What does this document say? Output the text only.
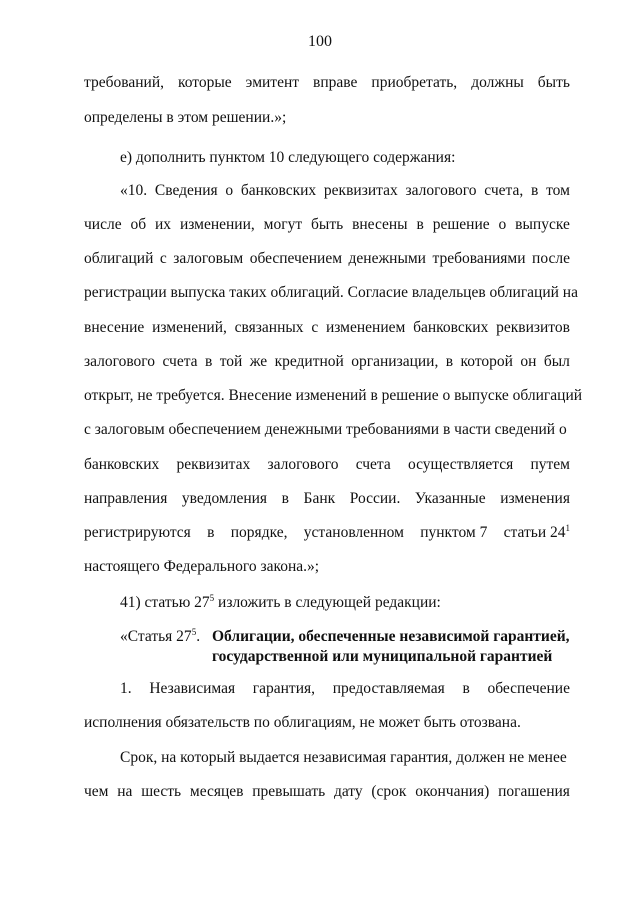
100
требований, которые эмитент вправе приобретать, должны быть
определены в этом решении.»;
е) дополнить пунктом 10 следующего содержания:
«10. Сведения о банковских реквизитах залогового счета, в том
числе об их изменении, могут быть внесены в решение о выпуске
облигаций с залоговым обеспечением денежными требованиями после
регистрации выпуска таких облигаций. Согласие владельцев облигаций на
внесение изменений, связанных с изменением банковских реквизитов
залогового счета в той же кредитной организации, в которой он был
открыт, не требуется. Внесение изменений в решение о выпуске облигаций
с залоговым обеспечением денежными требованиями в части сведений о
банковских реквизитах залогового счета осуществляется путем
направления уведомления в Банк России. Указанные изменения
регистрируются в порядке, установленном пунктом 7 статьи $24^1$
настоящего Федерального закона.»;
41) статью $27^5$ изложить в следующей редакции:
1. Независимая гарантия, предоставляемая в обеспечение
исполнения обязательств по облигациям, не может быть отозвана.
Срок, на который выдается независимая гарантия, должен не менее
чем на шесть месяцев превышать дату (срок окончания) погашения
«Статья $27^5$. Облигации, обеспеченные независимой гарантией,
государственной или муниципальной гарантией
